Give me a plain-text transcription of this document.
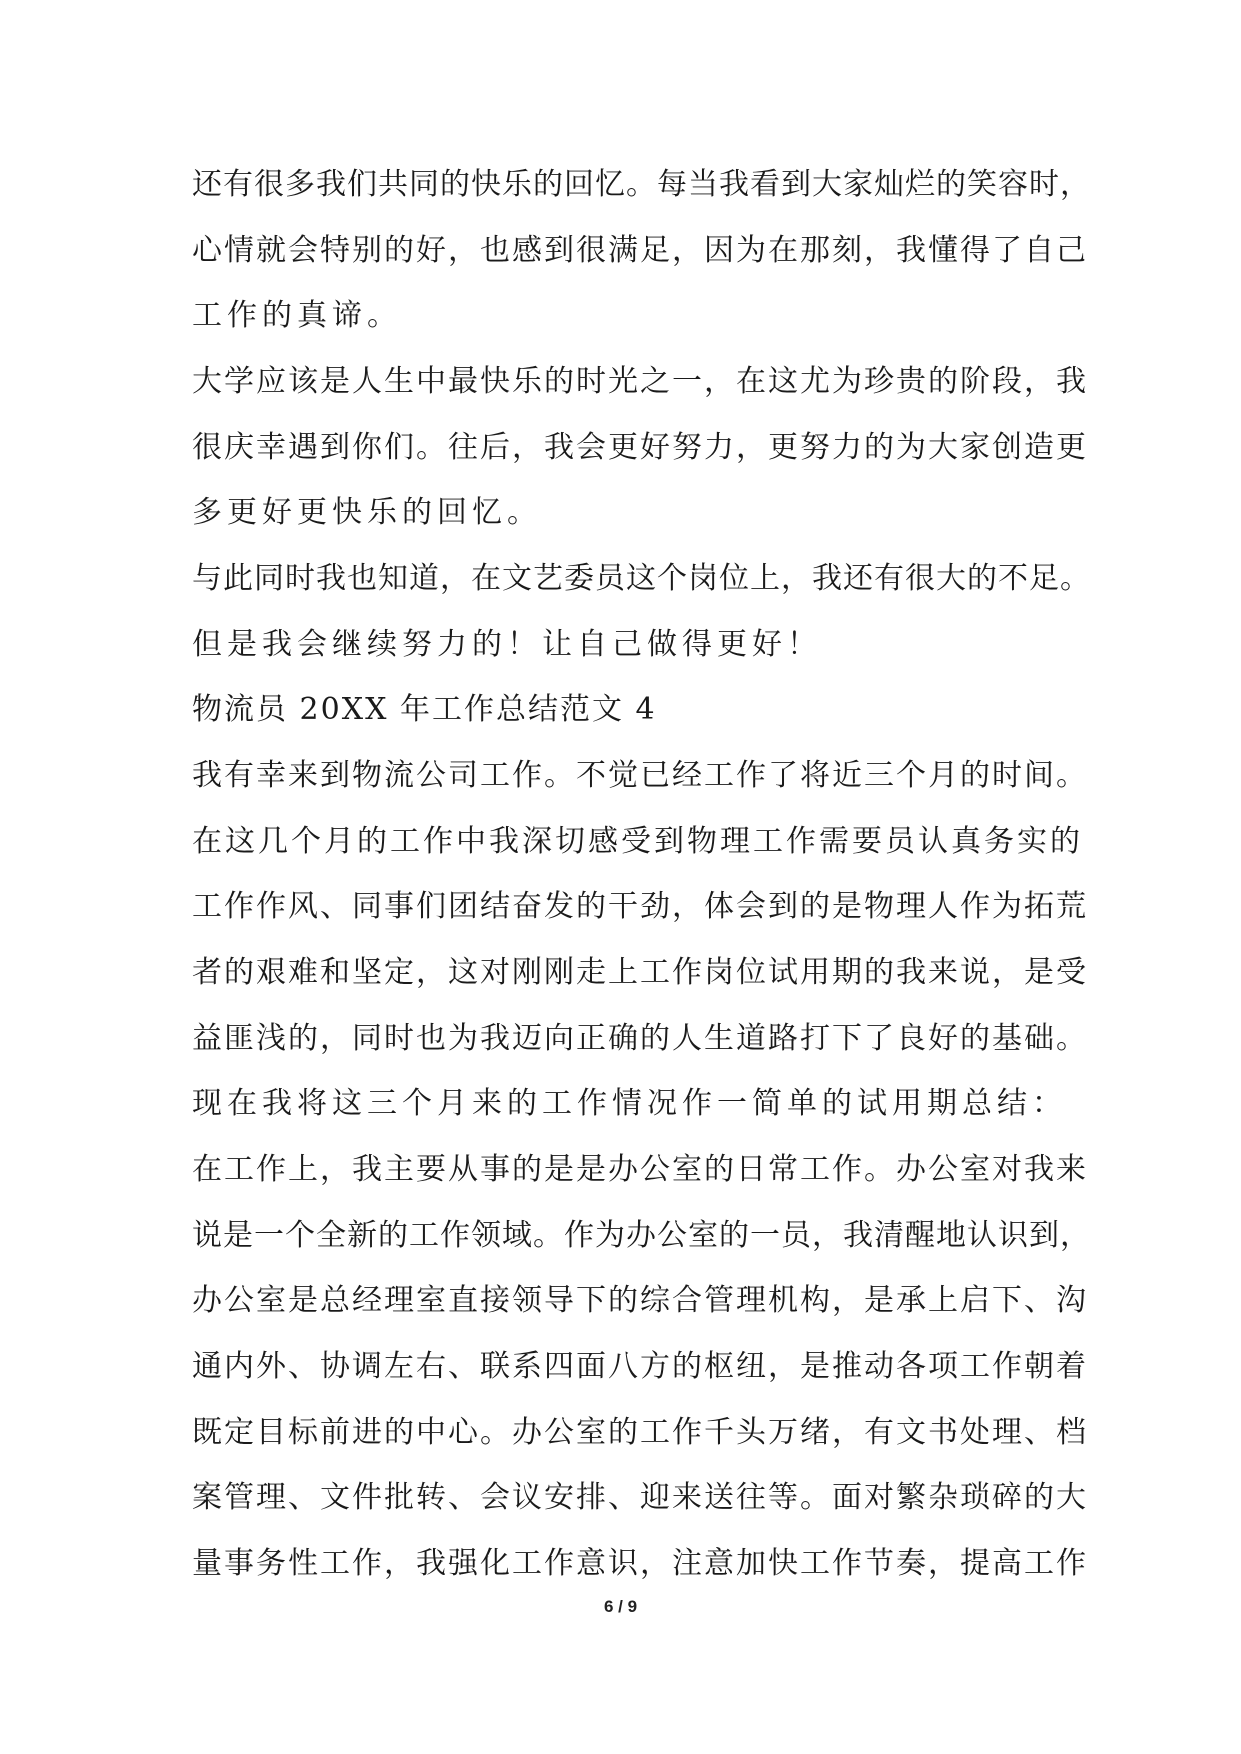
还有很多我们共同的快乐的回忆。每当我看到大家灿烂的笑容时，

心情就会特别的好，也感到很满足，因为在那刻，我懂得了自己

工作的真谛。

大学应该是人生中最快乐的时光之一，在这尤为珍贵的阶段，我

很庆幸遇到你们。往后，我会更好努力，更努力的为大家创造更

多更好更快乐的回忆。

与此同时我也知道，在文艺委员这个岗位上，我还有很大的不足。

但是我会继续努力的！让自己做得更好！

物流员 20XX 年工作总结范文 4

我有幸来到物流公司工作。不觉已经工作了将近三个月的时间。

在这几个月的工作中我深切感受到物理工作需要员认真务实的

工作作风、同事们团结奋发的干劲，体会到的是物理人作为拓荒

者的艰难和坚定，这对刚刚走上工作岗位试用期的我来说，是受

益匪浅的，同时也为我迈向正确的人生道路打下了良好的基础。

现在我将这三个月来的工作情况作一简单的试用期总结：

在工作上，我主要从事的是是办公室的日常工作。办公室对我来

说是一个全新的工作领域。作为办公室的一员，我清醒地认识到，

办公室是总经理室直接领导下的综合管理机构，是承上启下、沟

通内外、协调左右、联系四面八方的枢纽，是推动各项工作朝着

既定目标前进的中心。办公室的工作千头万绪，有文书处理、档

案管理、文件批转、会议安排、迎来送往等。面对繁杂琐碎的大

量事务性工作，我强化工作意识，注意加快工作节奏，提高工作

6 / 9
